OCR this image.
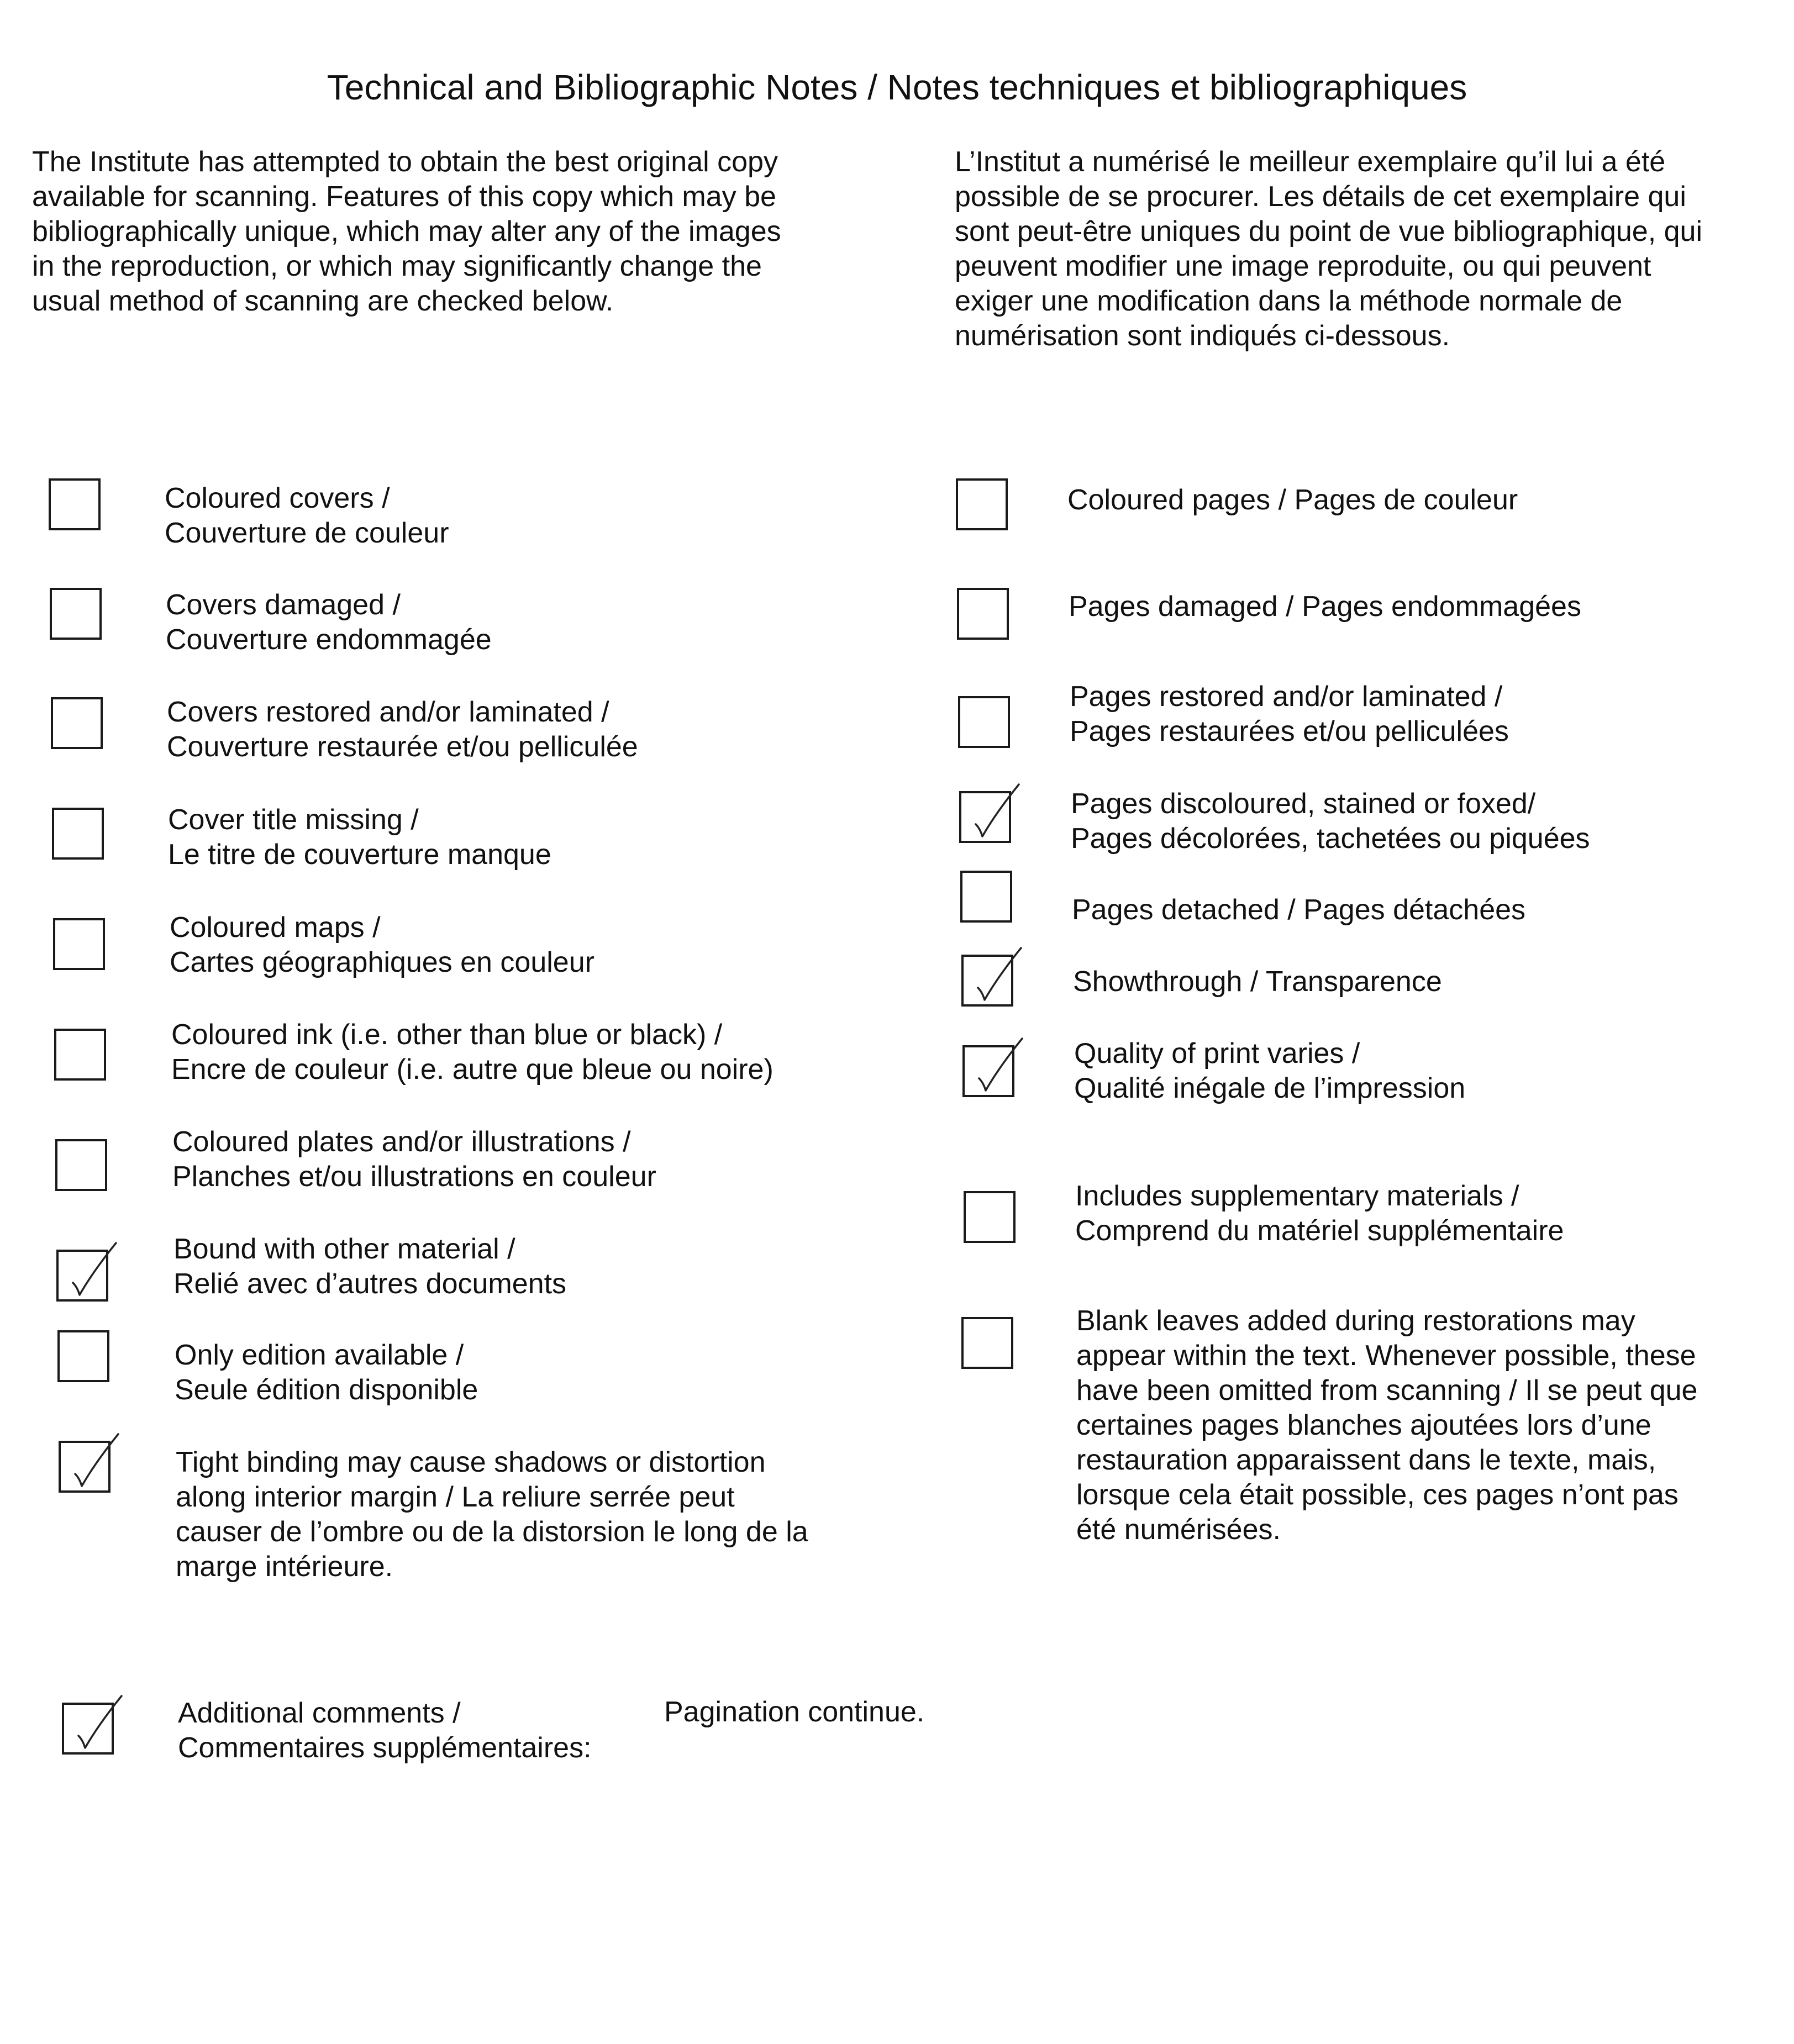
Technical and Bibliographic Notes / Notes techniques et bibliographiques
The Institute has attempted to obtain the best original copy
available for scanning. Features of this copy which may be
bibliographically unique, which may alter any of the images
in the reproduction, or which may significantly change the
usual method of scanning are checked below.
L’Institut a numérisé le meilleur exemplaire qu’il lui a été
possible de se procurer. Les détails de cet exemplaire qui
sont peut-être uniques du point de vue bibliographique, qui
peuvent modifier une image reproduite, ou qui peuvent
exiger une modification dans la méthode normale de
numérisation sont indiqués ci-dessous.
Coloured covers /
Couverture de couleur
Covers damaged /
Couverture endommagée
Covers restored and/or laminated /
Couverture restaurée et/ou pelliculée
Cover title missing /
Le titre de couverture manque
Coloured maps /
Cartes géographiques en couleur
Coloured ink (i.e. other than blue or black) /
Encre de couleur (i.e. autre que bleue ou noire)
Coloured plates and/or illustrations /
Planches et/ou illustrations en couleur
Bound with other material /
Relié avec d’autres documents
Only edition available /
Seule édition disponible
Tight binding may cause shadows or distortion
along interior margin / La reliure serrée peut
causer de l’ombre ou de la distorsion le long de la
marge intérieure.
Coloured pages / Pages de couleur
Pages damaged / Pages endommagées
Pages restored and/or laminated /
Pages restaurées et/ou pelliculées
Pages discoloured, stained or foxed/
Pages décolorées, tachetées ou piquées
Pages detached / Pages détachées
Showthrough / Transparence
Quality of print varies /
Qualité inégale de l’impression
Includes supplementary materials /
Comprend du matériel supplémentaire
Blank leaves added during restorations may
appear within the text. Whenever possible, these
have been omitted from scanning / Il se peut que
certaines pages blanches ajoutées lors d’une
restauration apparaissent dans le texte, mais,
lorsque cela était possible, ces pages n’ont pas
été numérisées.
Additional comments /
Commentaires supplémentaires:
Pagination continue.
